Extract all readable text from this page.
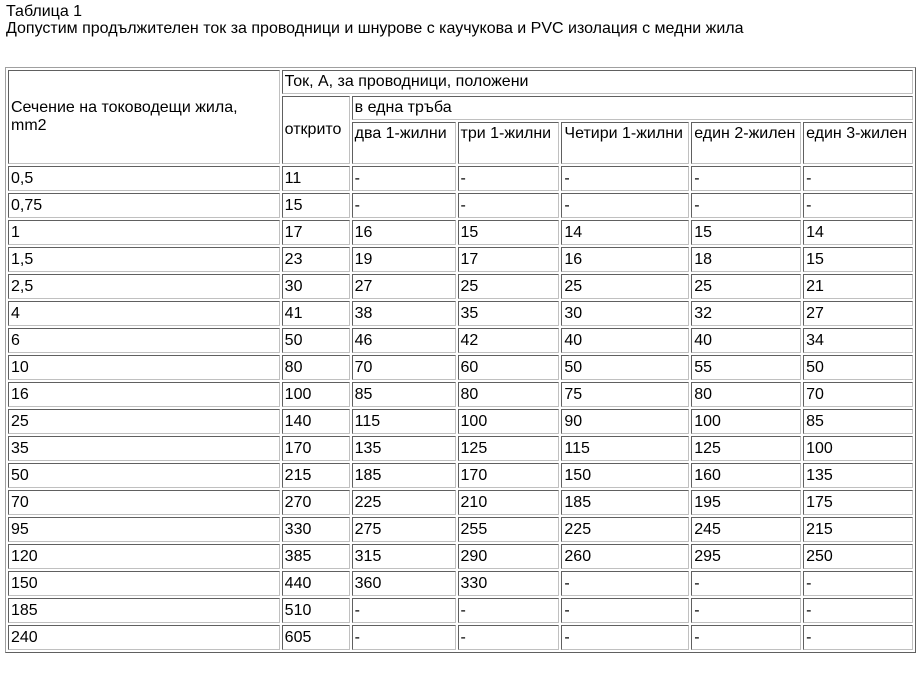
Таблица 1
Допустим продължителен ток за проводници и шнурове с каучукова и PVC изолация с медни жила
Сечение на тоководещи жила, mm2	Ток, А, за проводници, положени					
	открито	в една тръба				
		два 1-жилни	три 1-жилни	Четири 1-жилни	един 2-жилен	един 3-жилен
0,5	11	-	-	-	-	-
0,75	15	-	-	-	-	-
1	17	16	15	14	15	14
1,5	23	19	17	16	18	15
2,5	30	27	25	25	25	21
4	41	38	35	30	32	27
6	50	46	42	40	40	34
10	80	70	60	50	55	50
16	100	85	80	75	80	70
25	140	115	100	90	100	85
35	170	135	125	115	125	100
50	215	185	170	150	160	135
70	270	225	210	185	195	175
95	330	275	255	225	245	215
120	385	315	290	260	295	250
150	440	360	330	-	-	-
185	510	-	-	-	-	-
240	605	-	-	-	-	-
